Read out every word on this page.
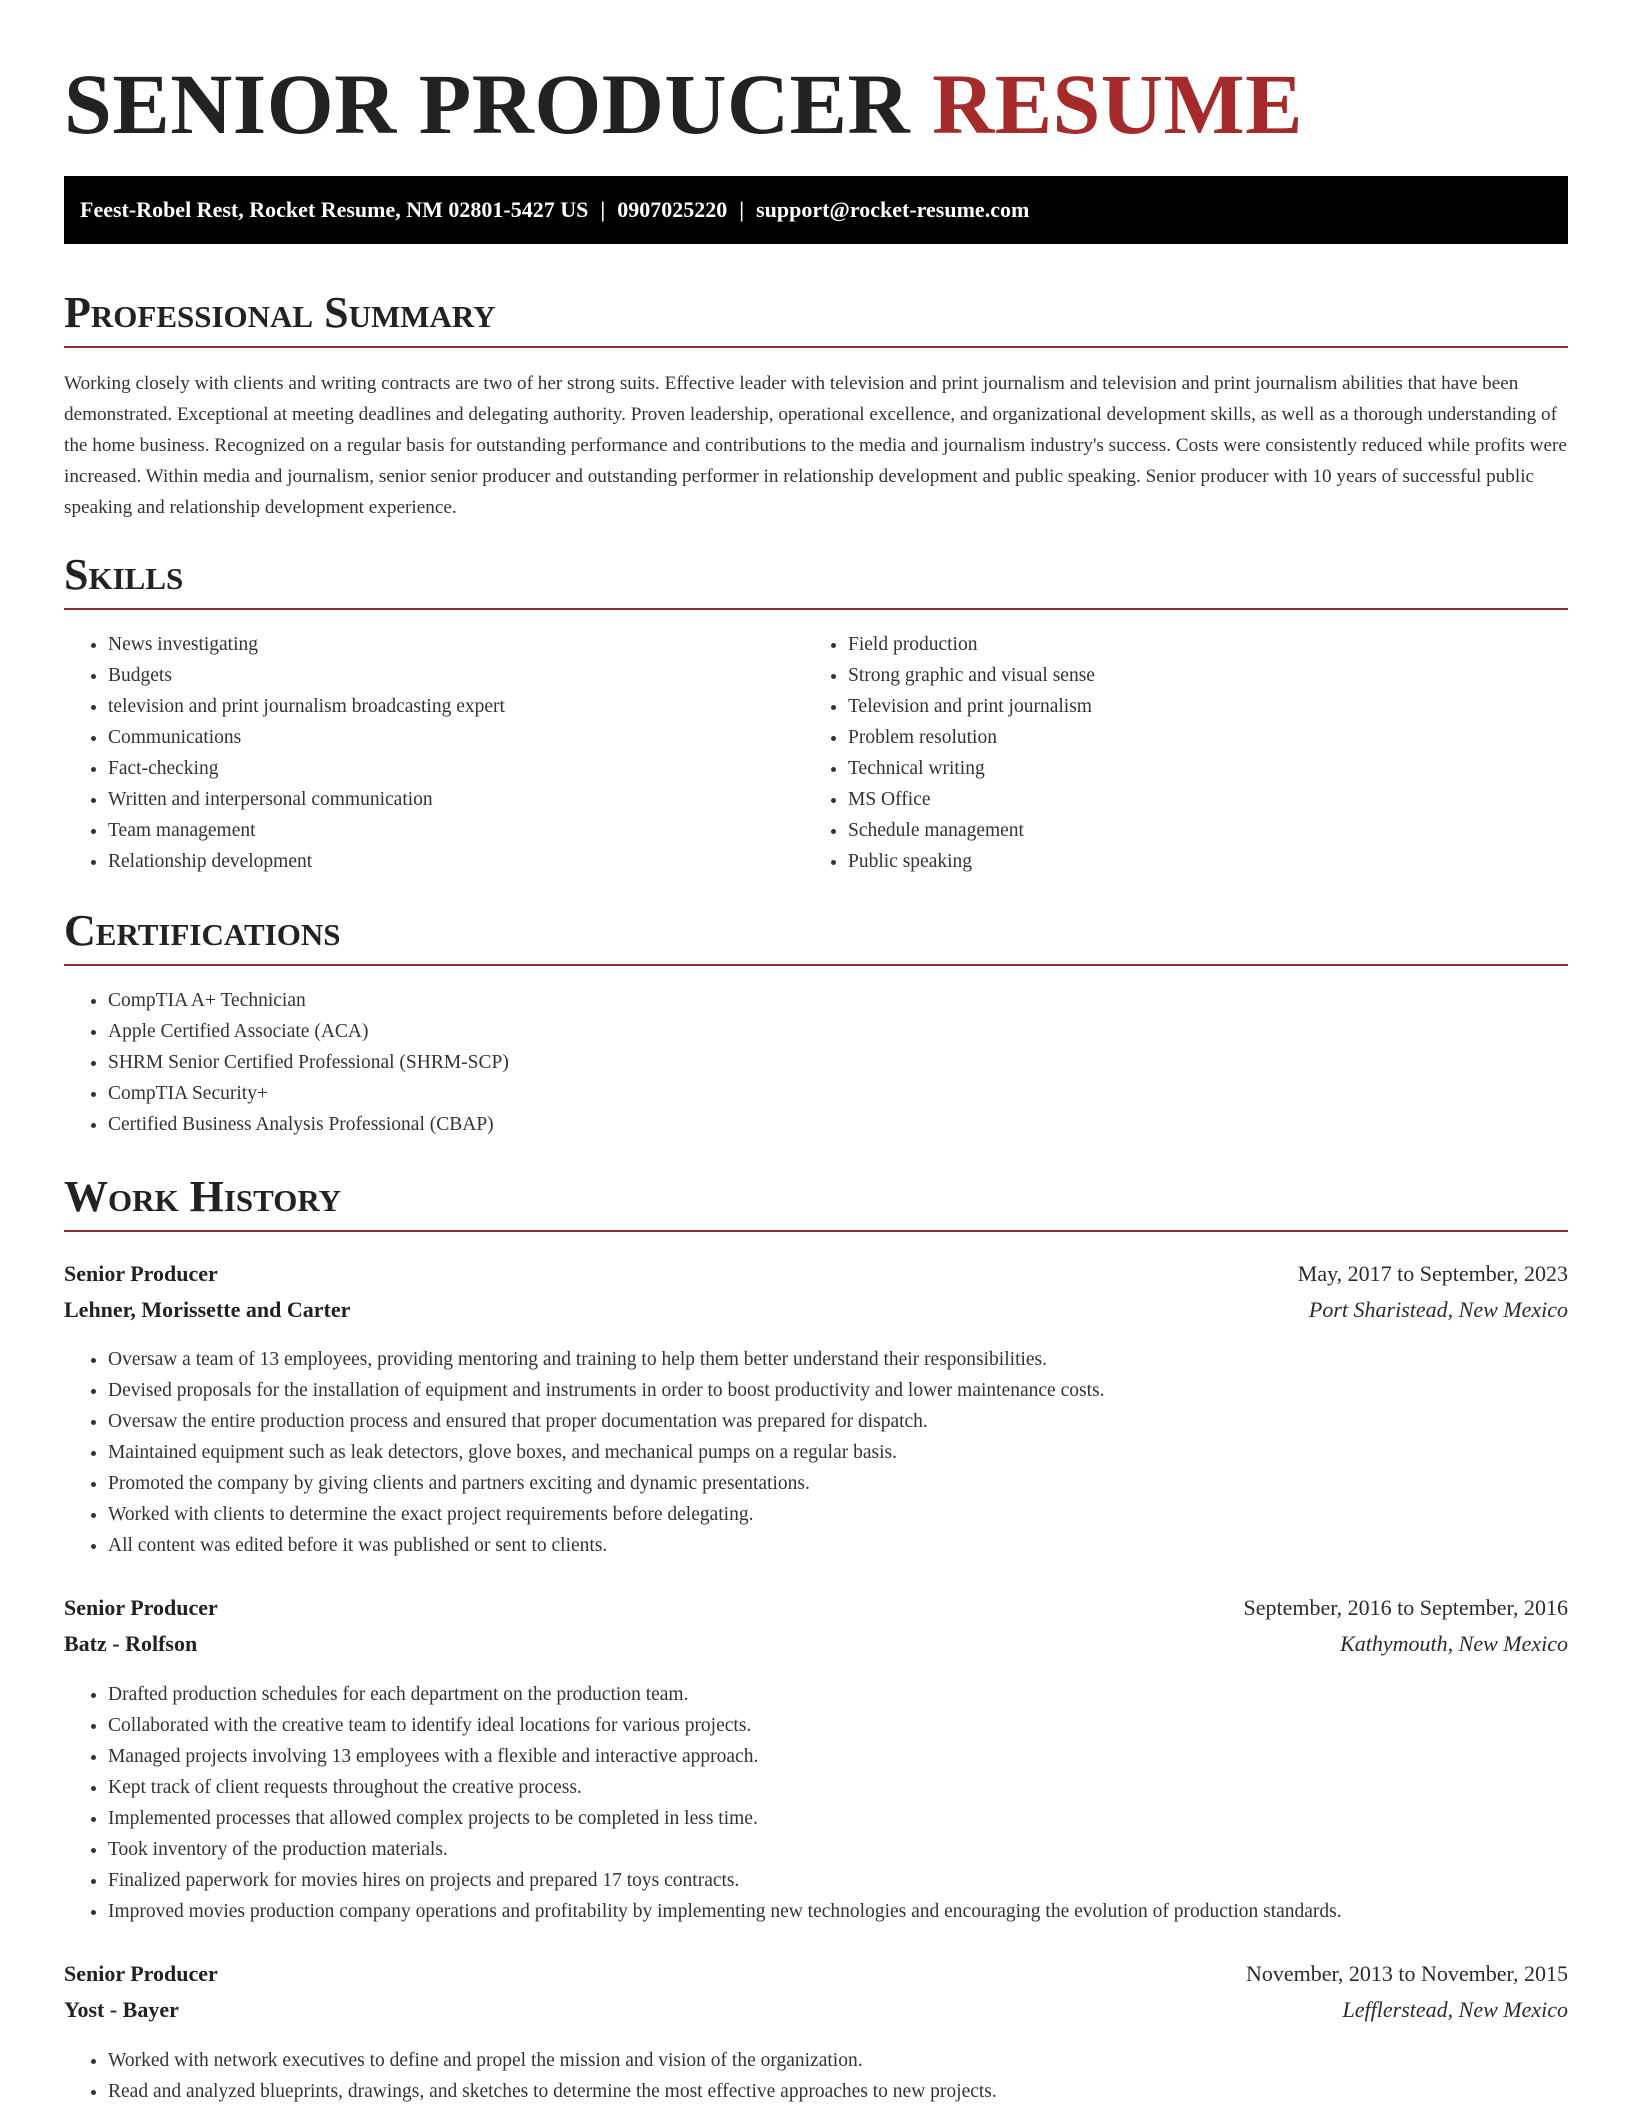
SENIOR PRODUCER RESUME
Feest-Robel Rest, Rocket Resume, NM 02801-5427 US | 0907025220 | support@rocket-resume.com
Professional Summary

Working closely with clients and writing contracts are two of her strong suits. Effective leader with television and print journalism and television and print journalism abilities that have been demonstrated. Exceptional at meeting deadlines and delegating authority. Proven leadership, operational excellence, and organizational development skills, as well as a thorough understanding of the home business. Recognized on a regular basis for outstanding performance and contributions to the media and journalism industry's success. Costs were consistently reduced while profits were increased. Within media and journalism, senior senior producer and outstanding performer in relationship development and public speaking. Senior producer with 10 years of successful public speaking and relationship development experience.

Skills
• News investigating
• Budgets
• television and print journalism broadcasting expert
• Communications
• Fact-checking
• Written and interpersonal communication
• Team management
• Relationship development
• Field production
• Strong graphic and visual sense
• Television and print journalism
• Problem resolution
• Technical writing
• MS Office
• Schedule management
• Public speaking
Certifications
• CompTIA A+ Technician
• Apple Certified Associate (ACA)
• SHRM Senior Certified Professional (SHRM-SCP)
• CompTIA Security+
• Certified Business Analysis Professional (CBAP)
Work History
Senior Producer	May, 2017 to September, 2023
Lehner, Morissette and Carter	Port Sharistead, New Mexico
• Oversaw a team of 13 employees, providing mentoring and training to help them better understand their responsibilities.
• Devised proposals for the installation of equipment and instruments in order to boost productivity and lower maintenance costs.
• Oversaw the entire production process and ensured that proper documentation was prepared for dispatch.
• Maintained equipment such as leak detectors, glove boxes, and mechanical pumps on a regular basis.
• Promoted the company by giving clients and partners exciting and dynamic presentations.
• Worked with clients to determine the exact project requirements before delegating.
• All content was edited before it was published or sent to clients.
Senior Producer	September, 2016 to September, 2016
Batz - Rolfson	Kathymouth, New Mexico
• Drafted production schedules for each department on the production team.
• Collaborated with the creative team to identify ideal locations for various projects.
• Managed projects involving 13 employees with a flexible and interactive approach.
• Kept track of client requests throughout the creative process.
• Implemented processes that allowed complex projects to be completed in less time.
• Took inventory of the production materials.
• Finalized paperwork for movies hires on projects and prepared 17 toys contracts.
• Improved movies production company operations and profitability by implementing new technologies and encouraging the evolution of production standards.
Senior Producer	November, 2013 to November, 2015
Yost - Bayer	Lefflerstead, New Mexico
• Worked with network executives to define and propel the mission and vision of the organization.
• Read and analyzed blueprints, drawings, and sketches to determine the most effective approaches to new projects.
